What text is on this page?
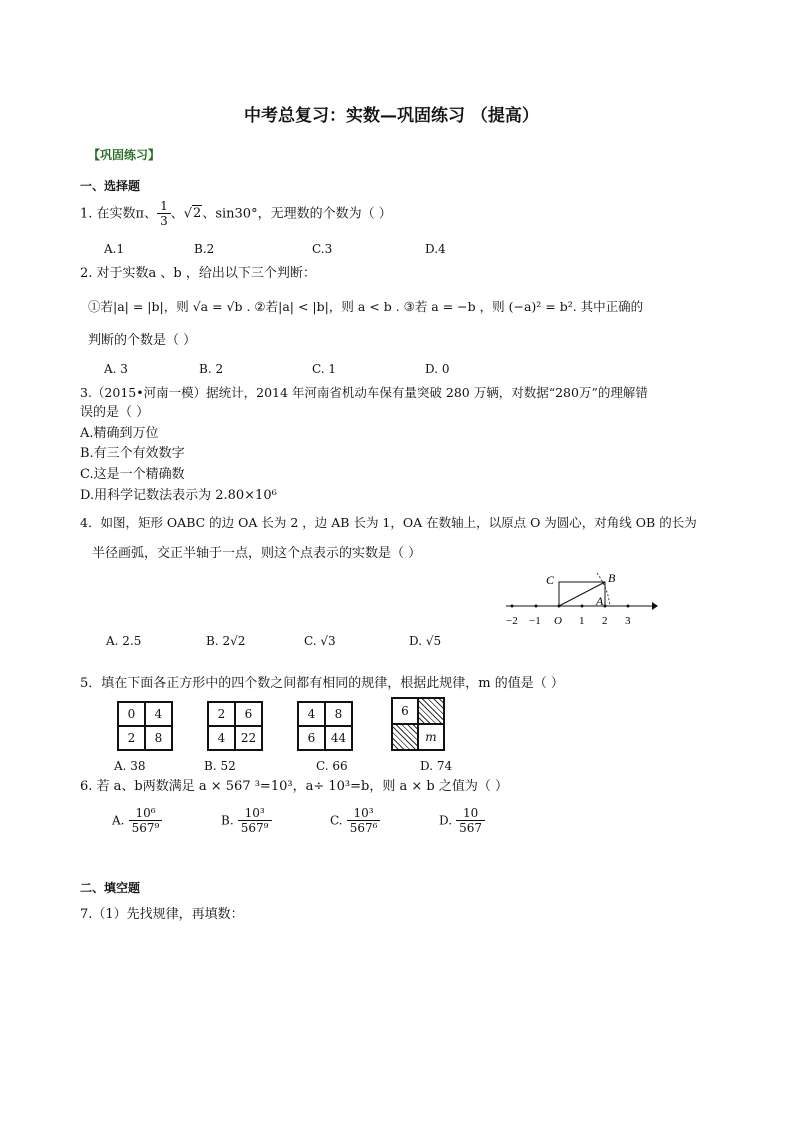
中考总复习：实数—巩固练习 （提高）
【巩固练习】
一、选择题
1. 在实数π、 $\frac{1}{3}$ 、√2、sin30°，无理数的个数为（ ）
A.1	B.2	C.3	D.4
2. 对于实数a 、b ，给出以下三个判断：
①若|a| = |b|，则 √a = √b . ②若|a| < |b|，则 a < b . ③若 a = −b ，则 (−a)² = b². 其中正确的
判断的个数是（ ）
A. 3	B. 2	C. 1	D. 0
3.（2015•河南一模）据统计，2014 年河南省机动车保有量突破 280 万辆，对数据“280万”的理解错
误的是（ ）
A.精确到万位
B.有三个有效数字
C.这是一个精确数
D.用科学记数法表示为 2.80×10⁶
4．如图，矩形 OABC 的边 OA 长为 2 ，边 AB 长为 1，OA 在数轴上，以原点 O 为圆心，对角线 OB 的长为
半径画弧，交正半轴于一点，则这个点表示的实数是（ ）
C	B
A
−2 −1 O 1 2 3
A. 2.5	B. 2√2	C. √3	D. √5
5．填在下面各正方形中的四个数之间都有相同的规律，根据此规律，m 的值是（ ）
0	4
2	8
2	6
4	22
4	8
6	44
6
m
A. 38	B. 52	C. 66	D. 74
6. 若 a、b两数满足 a × 567 ³=10³，a÷ 10³=b，则 a × b 之值为（ ）
A. $\frac{\text{10⁶}}{\text{567⁹}}$	B. $\frac{\text{10³}}{\text{567⁹}}$	C. $\frac{\text{10³}}{\text{567⁶}}$	D. $\frac{10}{567}$
二、填空题
7.（1）先找规律，再填数：
